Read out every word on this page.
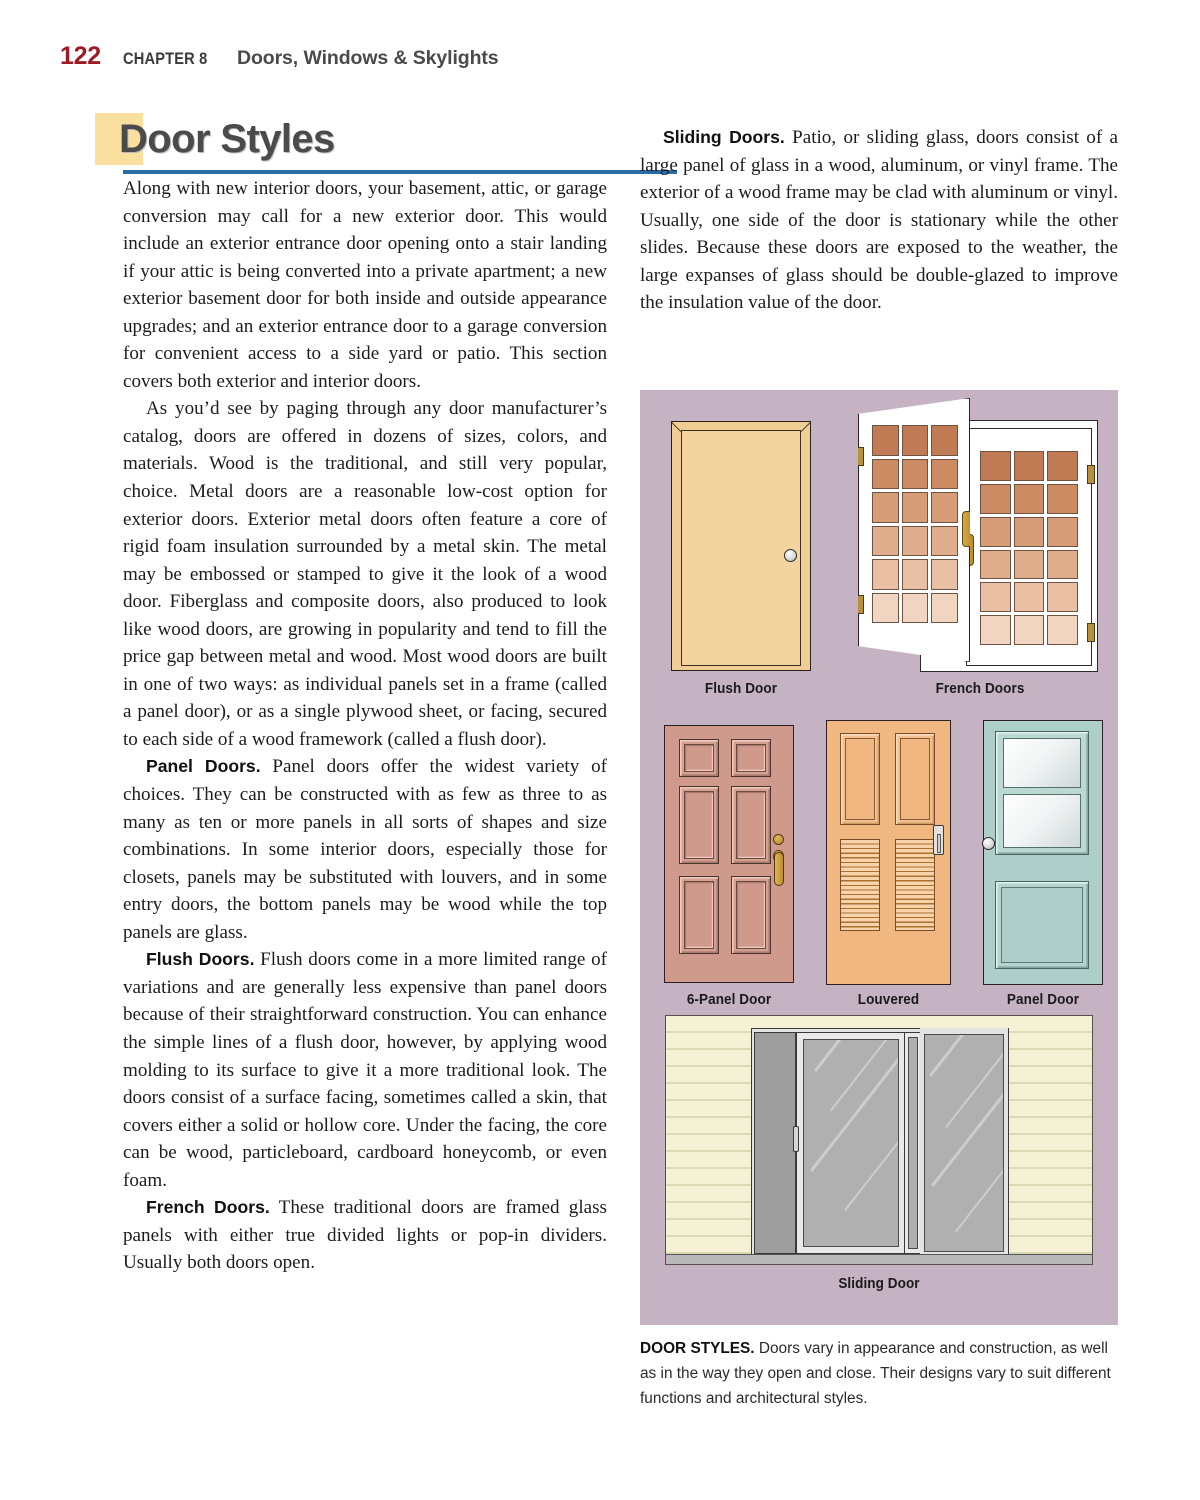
122 CHAPTER 8 Doors, Windows & Skylights
Door Styles

Along with new interior doors, your basement, attic, or garage conversion may call for a new exterior door. This would include an exterior entrance door opening onto a stair landing if your attic is being converted into a private apartment; a new exterior basement door for both inside and outside appearance upgrades; and an exterior entrance door to a garage conversion for convenient access to a side yard or patio. This section covers both exterior and interior doors.

As you’d see by paging through any door manufacturer’s catalog, doors are offered in dozens of sizes, colors, and materials. Wood is the traditional, and still very popular, choice. Metal doors are a reasonable low-cost option for exterior doors. Exterior metal doors often feature a core of rigid foam insulation surrounded by a metal skin. The metal may be embossed or stamped to give it the look of a wood door. Fiberglass and composite doors, also produced to look like wood doors, are growing in popularity and tend to fill the price gap between metal and wood. Most wood doors are built in one of two ways: as individual panels set in a frame (called a panel door), or as a single plywood sheet, or facing, secured to each side of a wood framework (called a flush door).

Panel Doors. Panel doors offer the widest variety of choices. They can be constructed with as few as three to as many as ten or more panels in all sorts of shapes and size combinations. In some interior doors, especially those for closets, panels may be substituted with louvers, and in some entry doors, the bottom panels may be wood while the top panels are glass.

Flush Doors. Flush doors come in a more limited range of variations and are generally less expensive than panel doors because of their straightforward construction. You can enhance the simple lines of a flush door, however, by applying wood molding to its surface to give it a more traditional look. The doors consist of a surface facing, sometimes called a skin, that covers either a solid or hollow core. Under the facing, the core can be wood, particleboard, cardboard honeycomb, or even foam.

French Doors. These traditional doors are framed glass panels with either true divided lights or pop-in dividers. Usually both doors open.

Sliding Doors. Patio, or sliding glass, doors consist of a large panel of glass in a wood, aluminum, or vinyl frame. The exterior of a wood frame may be clad with aluminum or vinyl. Usually, one side of the door is stationary while the other slides. Because these doors are exposed to the weather, the large expanses of glass should be double-glazed to improve the insulation value of the door.

Flush Door	French Doors
6-Panel Door	Louvered	Panel Door
Sliding Door
DOOR STYLES. Doors vary in appearance and construction, as well as in the way they open and close. Their designs vary to suit different functions and architectural styles.
